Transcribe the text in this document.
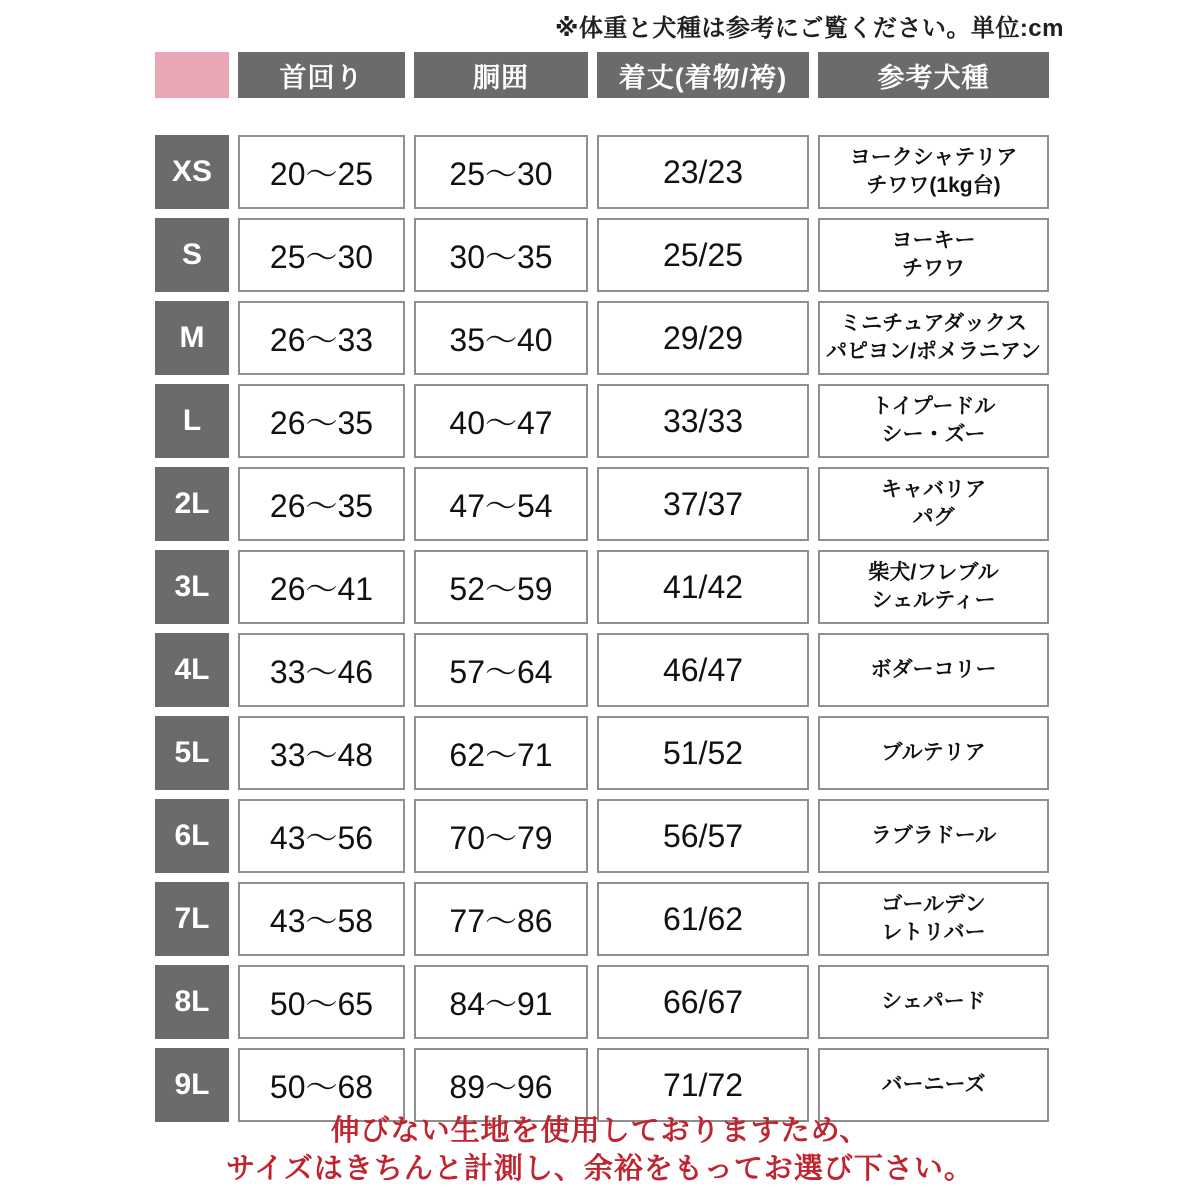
※体重と犬種は参考にご覧ください。単位:cm
首回り	胴囲	着丈(着物/袴)	参考犬種
XS	20〜25	25〜30	23/23	ヨークシャテリア
チワワ(1kg台)
S	25〜30	30〜35	25/25	ヨーキー
チワワ
M	26〜33	35〜40	29/29	ミニチュアダックス
パピヨン/ポメラニアン
L	26〜35	40〜47	33/33	トイプードル
シー・ズー
2L	26〜35	47〜54	37/37	キャバリア
パグ
3L	26〜41	52〜59	41/42	柴犬/フレブル
シェルティー
4L	33〜46	57〜64	46/47	ボダーコリー
5L	33〜48	62〜71	51/52	ブルテリア
6L	43〜56	70〜79	56/57	ラブラドール
7L	43〜58	77〜86	61/62	ゴールデン
レトリバー
8L	50〜65	84〜91	66/67	シェパード
9L	50〜68	89〜96	71/72	バーニーズ
伸びない生地を使用しておりますため、
サイズはきちんと計測し、余裕をもってお選び下さい。
